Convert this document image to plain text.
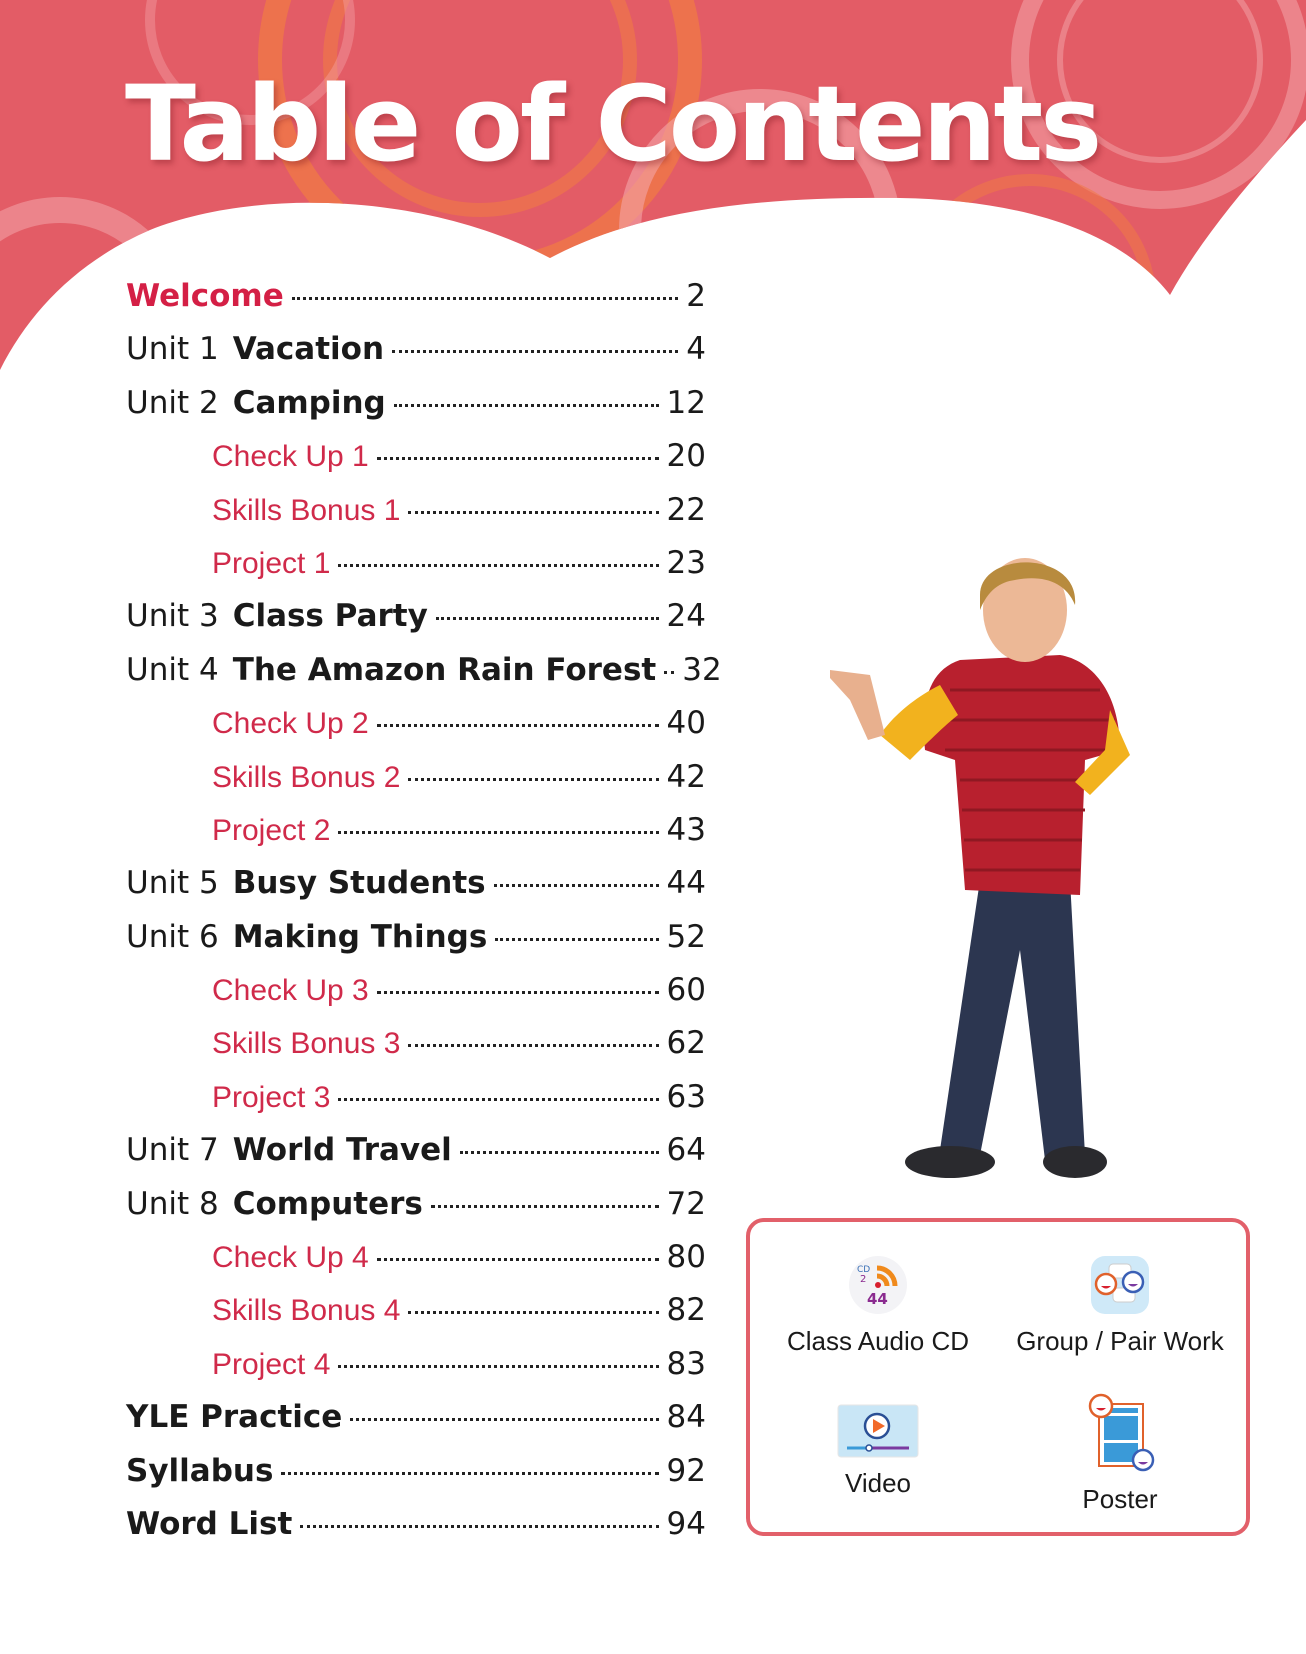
Table of Contents
Welcome	2
Unit 1 Vacation	4
Unit 2 Camping	12
Check Up 1	20
Skills Bonus 1	22
Project 1	23
Unit 3 Class Party	24
Unit 4 The Amazon Rain Forest 32
Check Up 2	40
Skills Bonus 2	42
Project 2	43
Unit 5 Busy Students	44
Unit 6 Making Things	52
Check Up 3	60
Skills Bonus 3	62
Project 3	63
Unit 7 World Travel	64
Unit 8 Computers	72
Check Up 4	80
Skills Bonus 4	82
Project 4	83
YLE Practice	84
Syllabus	92
Word List	94
CD
2
44
Class Audio CD	Group / Pair Work
Video
Poster
